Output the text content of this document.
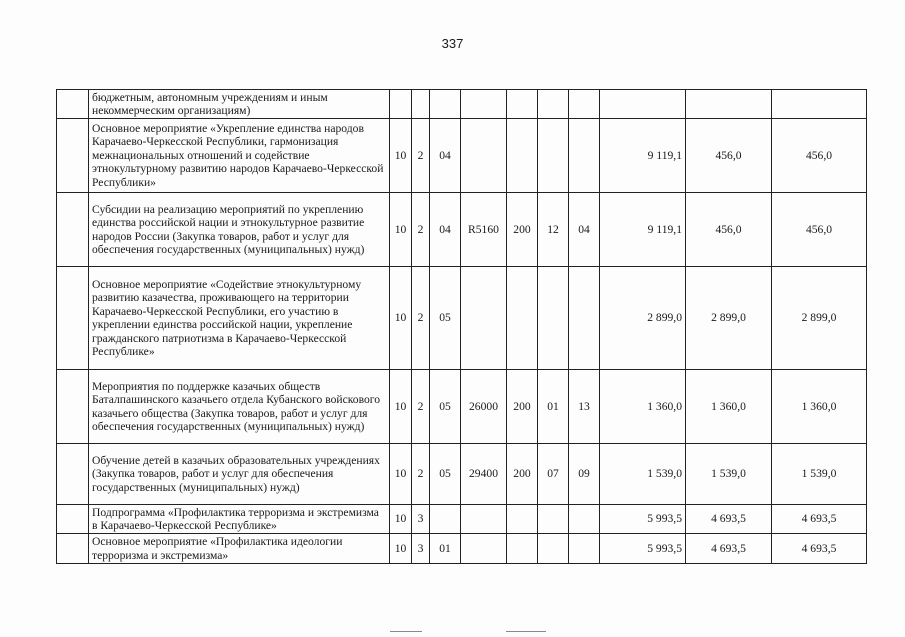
337
	бюджетным, автономным учреждениям и иным некоммерческим организациям)										
	Основное мероприятие «Укрепление единства народов Карачаево-Черкесской Республики, гармонизация межнациональных отношений и содействие этнокультурному развитию народов Карачаево-Черкесской Республики»	10	2	04					9 119,1	456,0	456,0
	Субсидии на реализацию мероприятий по укреплению единства российской нации и этнокультурное развитие народов России (Закупка товаров, работ и услуг для обеспечения государственных (муниципальных) нужд)	10	2	04	R5160	200	12	04	9 119,1	456,0	456,0
	Основное мероприятие «Содействие этнокультурному развитию казачества, проживающего на территории Карачаево-Черкесской Республики, его участию в укреплении единства российской нации, укрепление гражданского патриотизма в Карачаево-Черкесской Республике»	10	2	05					2 899,0	2 899,0	2 899,0
	Мероприятия по поддержке казачьих обществ Баталпашинского казачьего отдела Кубанского войскового казачьего общества (Закупка товаров, работ и услуг для обеспечения государственных (муниципальных) нужд)	10	2	05	26000	200	01	13	1 360,0	1 360,0	1 360,0
	Обучение детей в казачьих образовательных учреждениях (Закупка товаров, работ и услуг для обеспечения государственных (муниципальных) нужд)	10	2	05	29400	200	07	09	1 539,0	1 539,0	1 539,0
	Подпрограмма «Профилактика терроризма и экстремизма в Карачаево-Черкесской Республике»	10	3						5 993,5	4 693,5	4 693,5
	Основное мероприятие «Профилактика идеологии терроризма и экстремизма»	10	3	01					5 993,5	4 693,5	4 693,5
